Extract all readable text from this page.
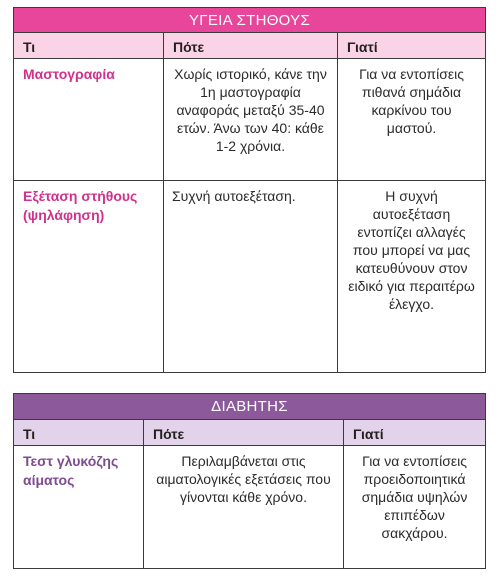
ΥΓΕΙΑ ΣΤΗΘΟΥΣ		
Τι	Πότε	Γιατί
Μαστογραφία	Χωρίς ιστορικό, κάνε την 1η μαστογραφία αναφοράς μεταξύ 35-40 ετών. Άνω των 40: κάθε 1-2 χρόνια.	Για να εντοπίσεις πιθανά σημάδια καρκίνου του μαστού.
Εξέταση στήθους (ψηλάφηση)	Συχνή αυτοεξέταση.	Η συχνή αυτοεξέταση εντοπίζει αλλαγές που μπορεί να μας κατευθύνουν στον ειδικό για περαιτέρω έλεγχο.
ΔΙΑΒΗΤΗΣ		
Τι	Πότε	Γιατί
Τεστ γλυκόζης αίματος	Περιλαμβάνεται στις αιματολογικές εξετάσεις που γίνονται κάθε χρόνο.	Για να εντοπίσεις προειδοποιητικά σημάδια υψηλών επιπέδων σακχάρου.
